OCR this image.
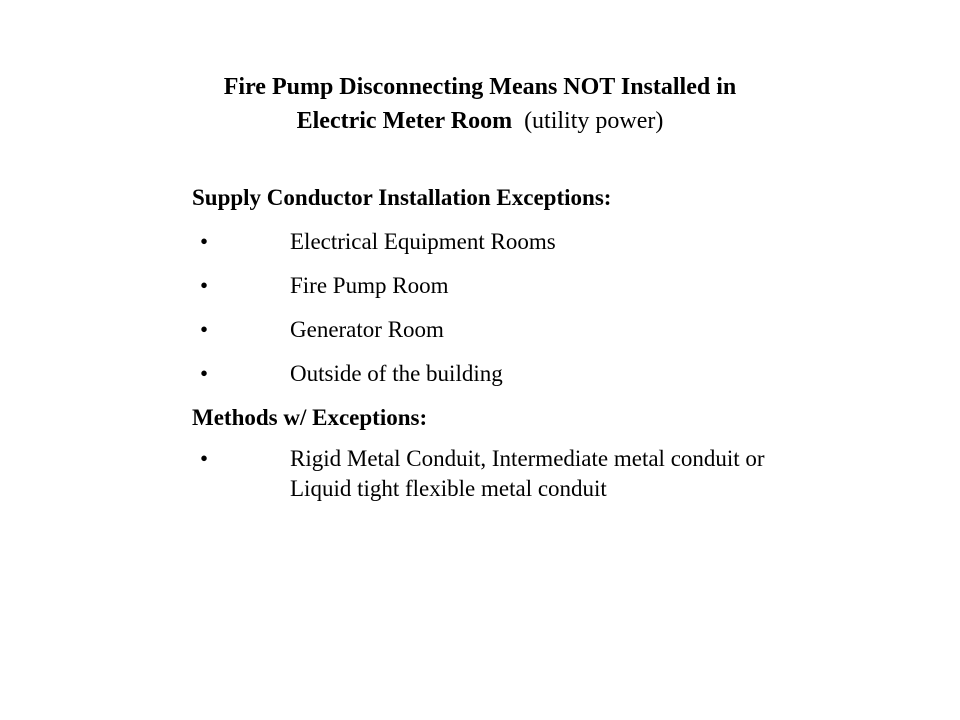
Fire Pump Disconnecting Means NOT Installed in
Electric Meter Room (utility power)
Supply Conductor Installation Exceptions:
•	Electrical Equipment Rooms
•	Fire Pump Room
•	Generator Room
•	Outside of the building
Methods w/ Exceptions:
•	Rigid Metal Conduit, Intermediate metal conduit or Liquid tight flexible metal conduit
